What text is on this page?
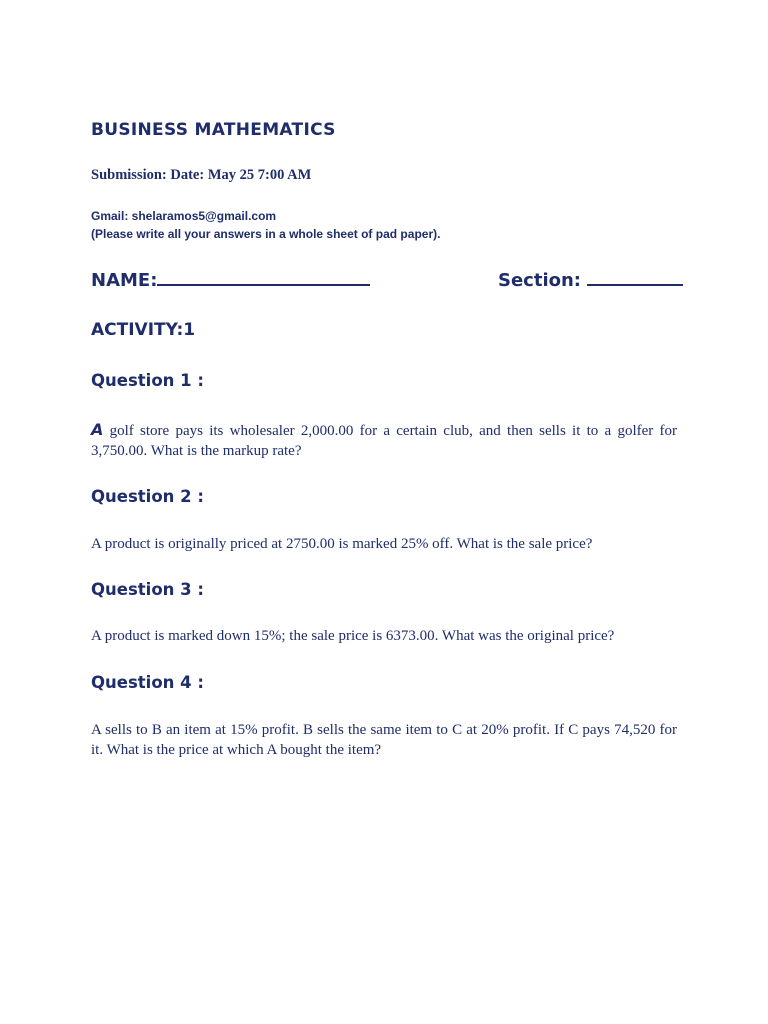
BUSINESS MATHEMATICS
Submission: Date: May 25 7:00 AM
Gmail: shelaramos5@gmail.com
(Please write all your answers in a whole sheet of pad paper).
NAME:	Section:
ACTIVITY:1
Question 1 :
A golf store pays its wholesaler 2,000.00 for a certain club, and then sells it to a golfer for 3,750.00. What is the markup rate?
Question 2 :
A product is originally priced at 2750.00 is marked 25% off. What is the sale price?
Question 3 :
A product is marked down 15%; the sale price is 6373.00. What was the original price?
Question 4 :
A sells to B an item at 15% profit. B sells the same item to C at 20% profit. If C pays 74,520 for it. What is the price at which A bought the item?
